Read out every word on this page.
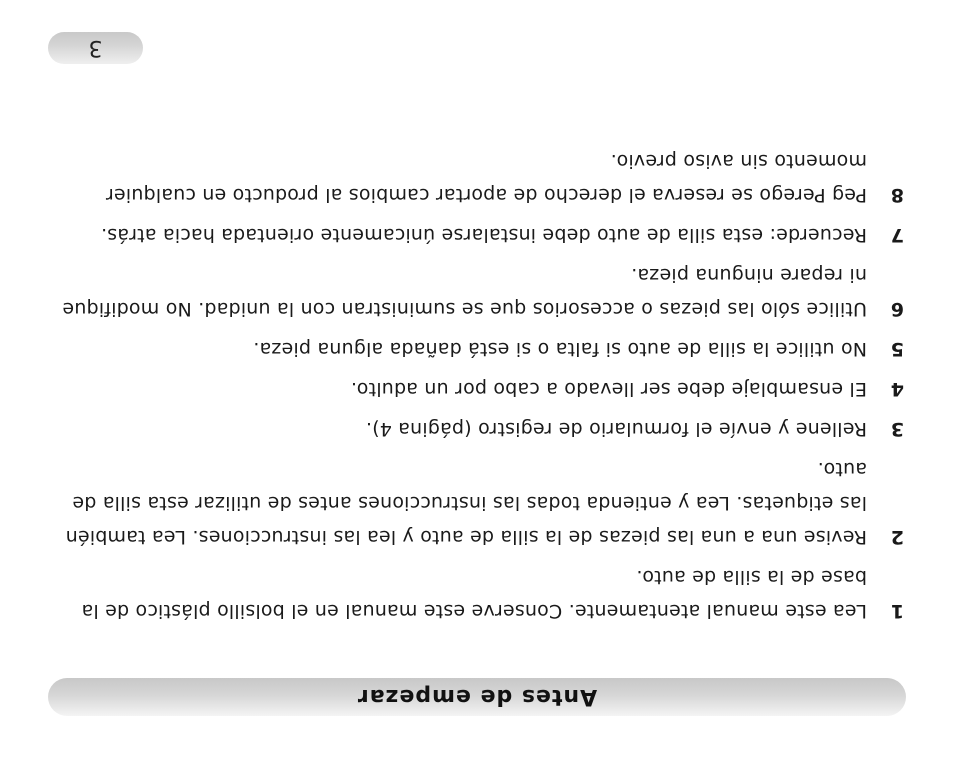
Antes de empezar
1
Lea este manual atentamente. Conserve este manual en el bolsillo plástico de la base de la silla de auto.
2
Revise una a una las piezas de la silla de auto y lea las instrucciones. Lea también las etiquetas. Lea y entienda todas las instrucciones antes de utilizar esta silla de auto.
3
Rellene y envíe el formulario de registro (página 4).
4
El ensamblaje debe ser llevado a cabo por un adulto.
5
No utilice la silla de auto si falta o si está dañada alguna pieza.
6
Utilice sólo las piezas o accesorios que se suministran con la unidad. No modifique ni repare ninguna pieza.
7
Recuerde: esta silla de auto debe instalarse únicamente orientada hacia atrás.
8
Peg Perego se reserva el derecho de aportar cambios al producto en cualquier momento sin aviso previo.
3
